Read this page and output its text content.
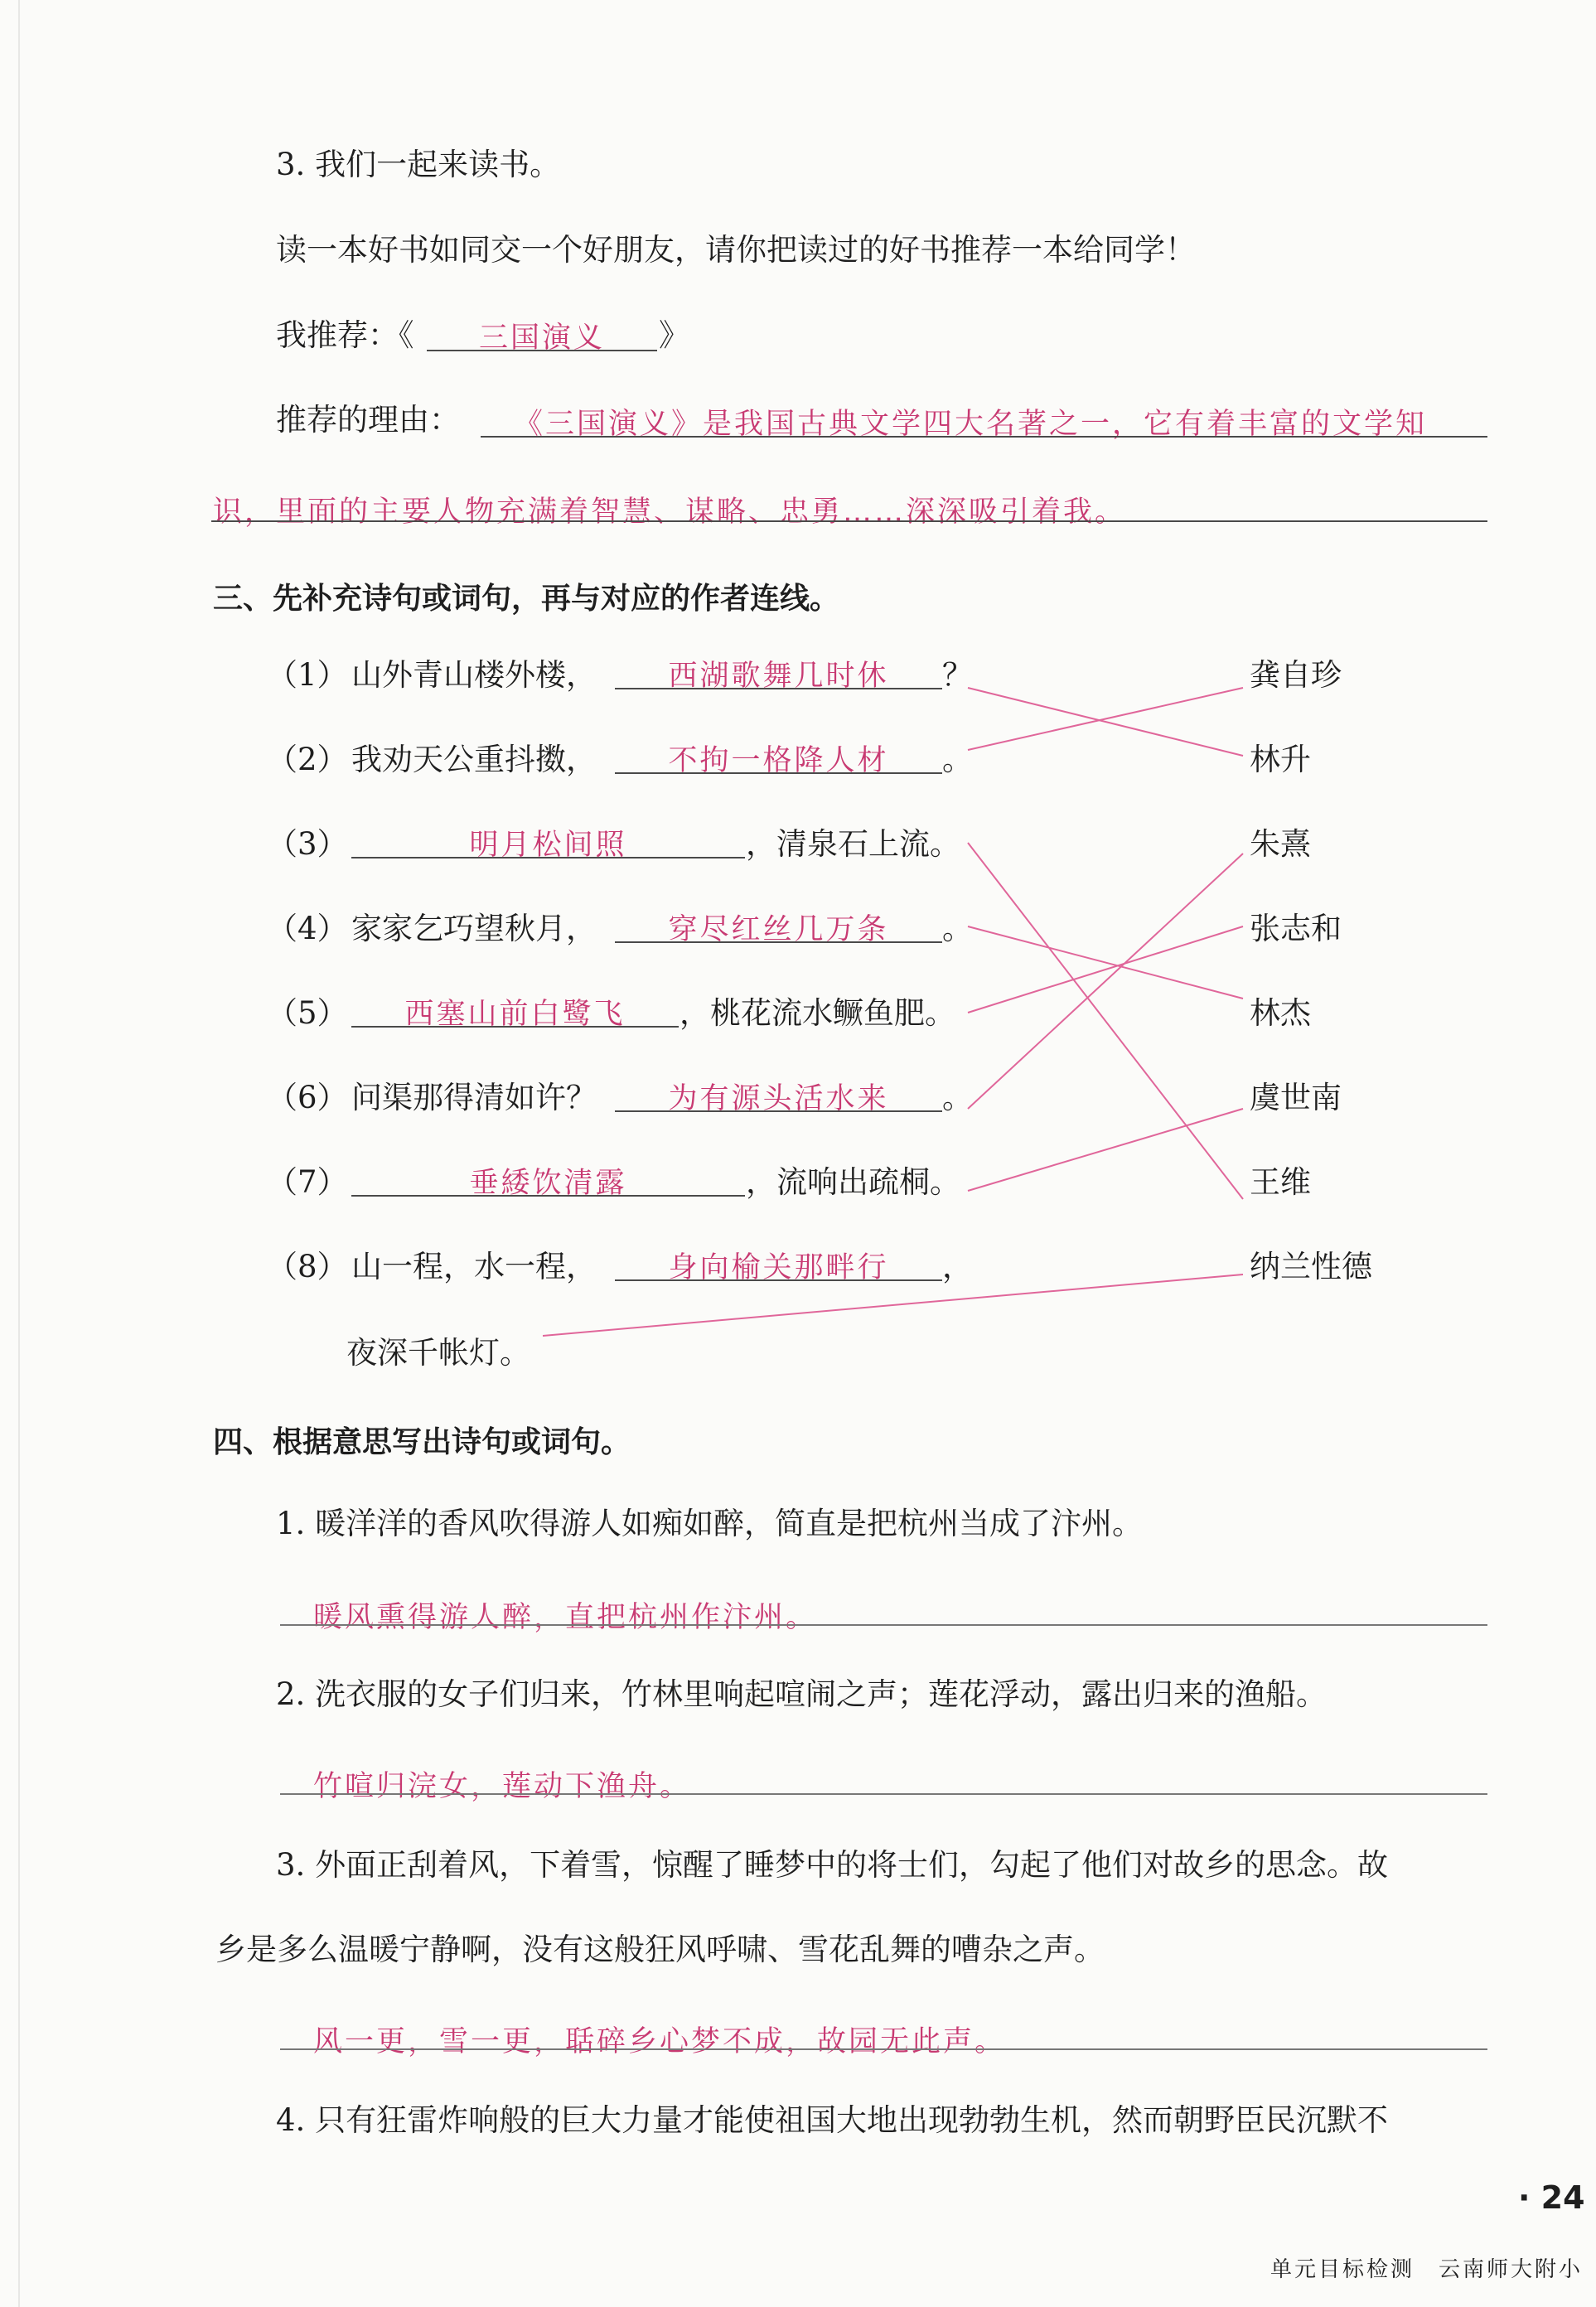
3. 我们一起来读书。
读一本好书如同交一个好朋友，请你把读过的好书推荐一本给同学！
我推荐：《	三国演义	》
推荐的理由： 《三国演义》是我国古典文学四大名著之一，它有着丰富的文学知
识，里面的主要人物充满着智慧、谋略、忠勇……深深吸引着我。
三、先补充诗句或词句，再与对应的作者连线。
（1） 山外青山楼外楼，	西湖歌舞几时休	？
（2） 我劝天公重抖擞，	不拘一格降人材	。
（3）	明月松间照	，清泉石上流。
（4） 家家乞巧望秋月，	穿尽红丝几万条	。
（5）	西塞山前白鹭飞	，桃花流水鳜鱼肥。
（6） 问渠那得清如许？	为有源头活水来	。
（7）	垂緌饮清露	，流响出疏桐。
（8） 山一程，水一程，	身向榆关那畔行	，
夜深千帐灯。
龚自珍
林升
朱熹
张志和
林杰
虞世南
王维
纳兰性德
四、根据意思写出诗句或词句。
1. 暖洋洋的香风吹得游人如痴如醉，简直是把杭州当成了汴州。
暖风熏得游人醉，直把杭州作汴州。
2. 洗衣服的女子们归来，竹林里响起喧闹之声；莲花浮动，露出归来的渔船。
竹喧归浣女，莲动下渔舟。
3. 外面正刮着风，下着雪，惊醒了睡梦中的将士们，勾起了他们对故乡的思念。故
乡是多么温暖宁静啊，没有这般狂风呼啸、雪花乱舞的嘈杂之声。
风一更，雪一更，聒碎乡心梦不成，故园无此声。
4. 只有狂雷炸响般的巨大力量才能使祖国大地出现勃勃生机，然而朝野臣民沉默不
· 24
单元目标检测　云南师大附小
